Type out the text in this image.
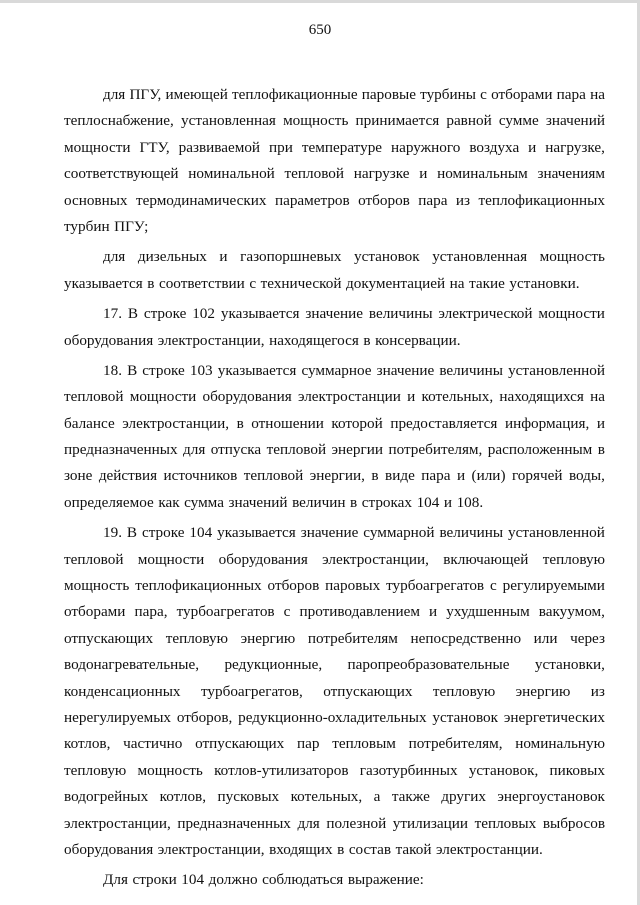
650
для ПГУ, имеющей теплофикационные паровые турбины с отборами пара на
теплоснабжение, установленная мощность принимается равной сумме значений
мощности ГТУ, развиваемой при температуре наружного воздуха и нагрузке,
соответствующей номинальной тепловой нагрузке и номинальным значениям
основных термодинамических параметров отборов пара из теплофикационных
турбин ПГУ;
для дизельных и газопоршневых установок установленная мощность
указывается в соответствии с технической документацией на такие установки.
17. В строке 102 указывается значение величины электрической мощности
оборудования электростанции, находящегося в консервации.
18. В строке 103 указывается суммарное значение величины установленной
тепловой мощности оборудования электростанции и котельных, находящихся на
балансе электростанции, в отношении которой предоставляется информация, и
предназначенных для отпуска тепловой энергии потребителям, расположенным в
зоне действия источников тепловой энергии, в виде пара и (или) горячей воды,
определяемое как сумма значений величин в строках 104 и 108.
19. В строке 104 указывается значение суммарной величины установленной
тепловой мощности оборудования электростанции, включающей тепловую
мощность теплофикационных отборов паровых турбоагрегатов с регулируемыми
отборами пара, турбоагрегатов с противодавлением и ухудшенным вакуумом,
отпускающих тепловую энергию потребителям непосредственно или через
водонагревательные, редукционные, паропреобразовательные установки,
конденсационных турбоагрегатов, отпускающих тепловую энергию из
нерегулируемых отборов, редукционно-охладительных установок энергетических
котлов, частично отпускающих пар тепловым потребителям, номинальную
тепловую мощность котлов-утилизаторов газотурбинных установок, пиковых
водогрейных котлов, пусковых котельных, а также других энергоустановок
электростанции, предназначенных для полезной утилизации тепловых выбросов
оборудования электростанции, входящих в состав такой электростанции.
Для строки 104 должно соблюдаться выражение:
